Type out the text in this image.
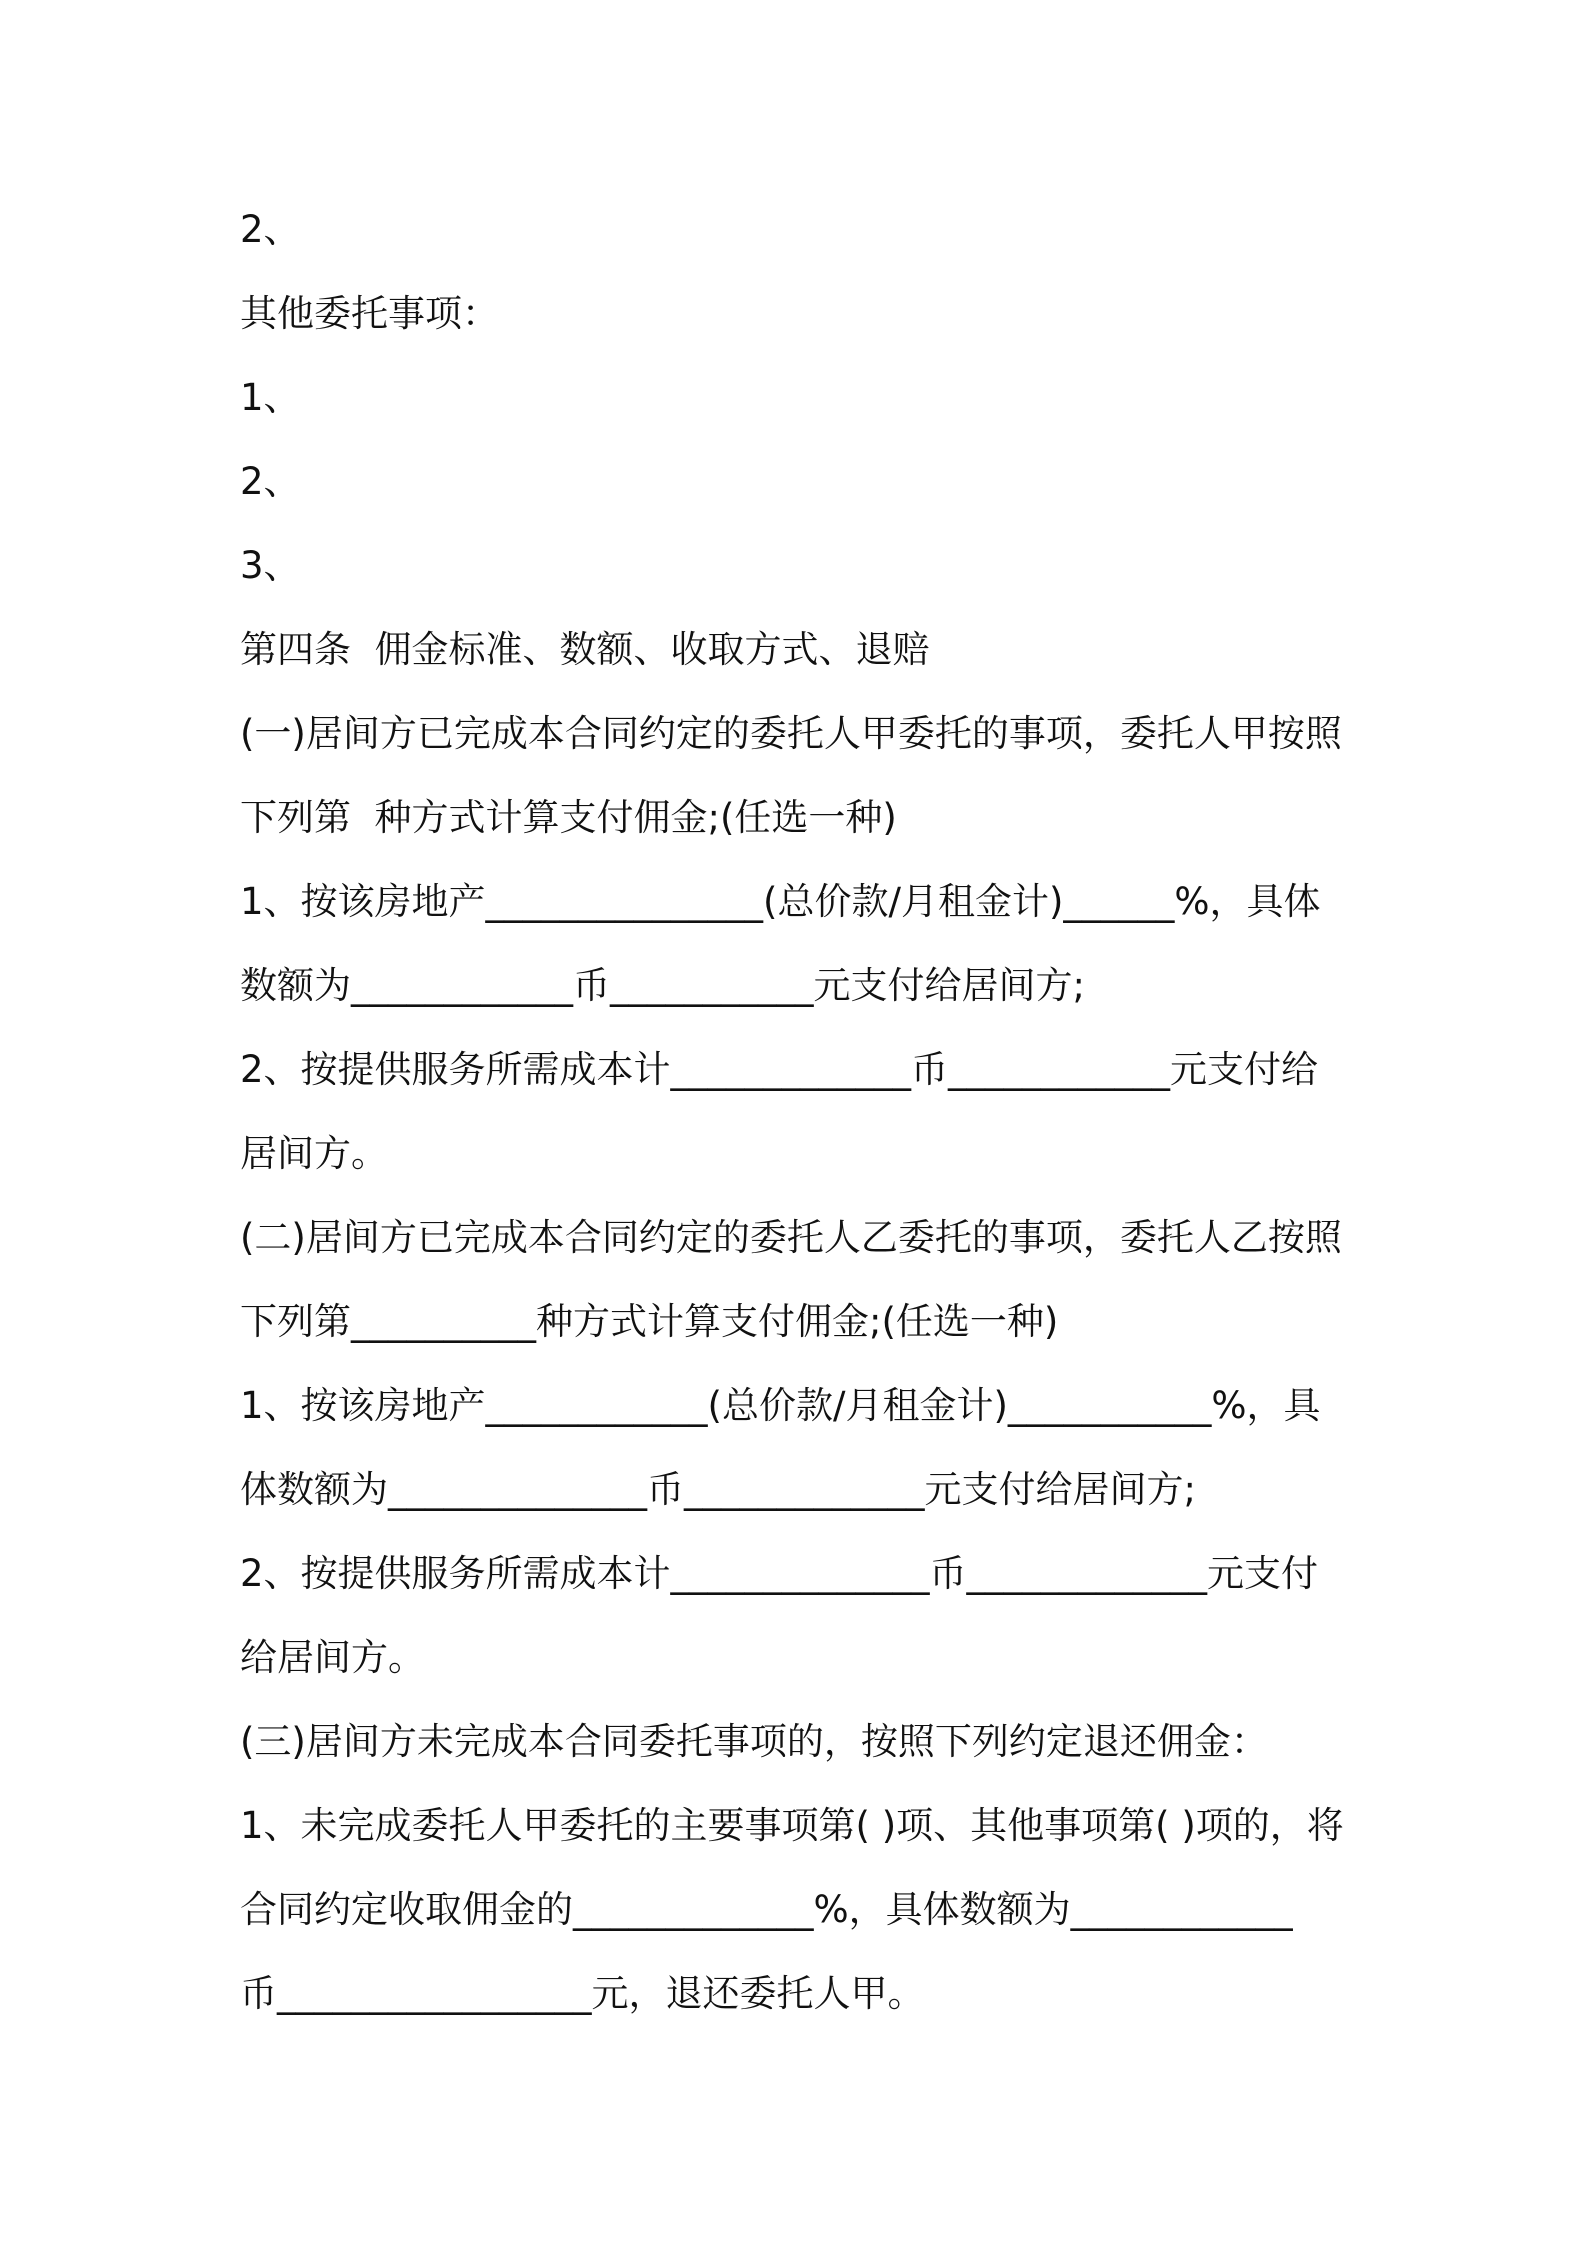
2、

其他委托事项：

1、

2、

3、

第四条  佣金标准、数额、收取方式、退赔

(一)居间方已完成本合同约定的委托人甲委托的事项，委托人甲按照

下列第  种方式计算支付佣金;(任选一种)

1、按该房地产_______________(总价款/月租金计)______%，具体

数额为____________币___________元支付给居间方;

2、按提供服务所需成本计_____________币____________元支付给

居间方。

(二)居间方已完成本合同约定的委托人乙委托的事项，委托人乙按照

下列第__________种方式计算支付佣金;(任选一种)

1、按该房地产____________(总价款/月租金计)___________%，具

体数额为______________币_____________元支付给居间方;

2、按提供服务所需成本计______________币_____________元支付

给居间方。

(三)居间方未完成本合同委托事项的，按照下列约定退还佣金：

1、未完成委托人甲委托的主要事项第( )项、其他事项第( )项的，将

合同约定收取佣金的_____________%，具体数额为____________

币_________________元，退还委托人甲。
